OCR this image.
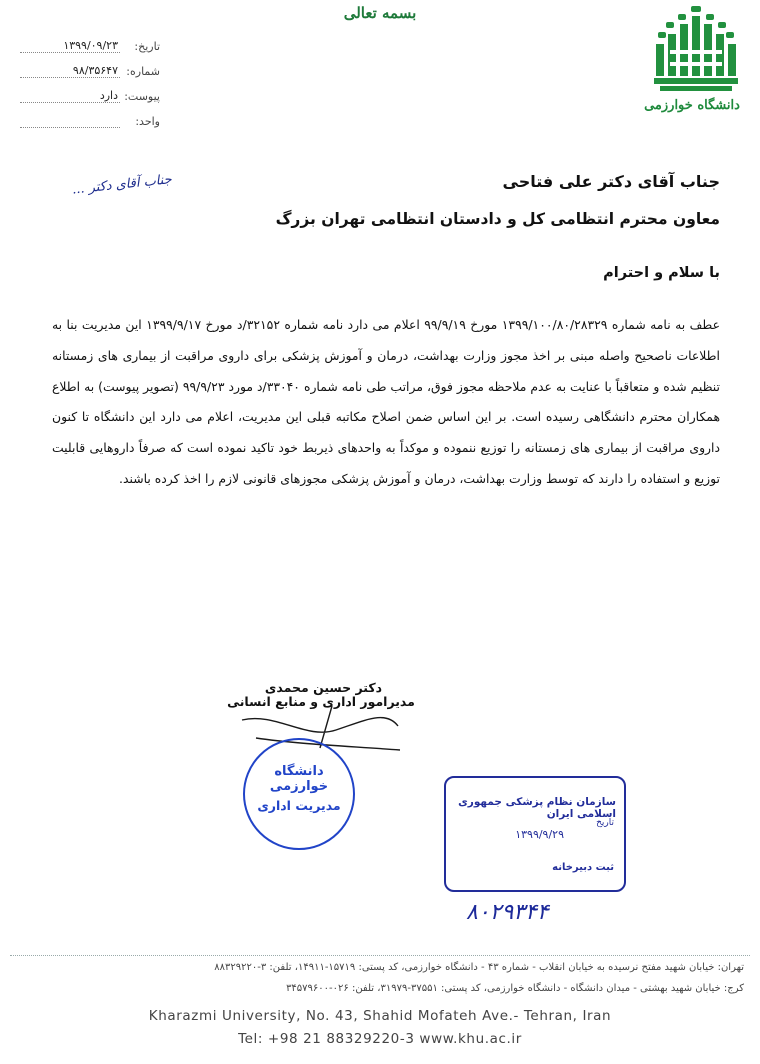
تاریخ:
۱۳۹۹/۰۹/۲۳
شماره:
۹۸/۳۵۶۴۷
پیوست:
دارد
واحد:
بسمه تعالی
دانشگاه خوارزمی
جناب آقای دکتر ...	جناب آقای دکتر علی فتاحی
معاون محترم انتظامی کل و دادستان انتظامی تهران بزرگ
با سلام و احترام
عطف به نامه شماره ۱۳۹۹/۱۰۰/۸۰/۲۸۳۲۹ مورخ ۹۹/۹/۱۹ اعلام می دارد نامه شماره ۳۲۱۵۲/د مورخ ۱۳۹۹/۹/۱۷ این مدیریت بنا به اطلاعات ناصحیح واصله مبنی بر اخذ مجوز وزارت بهداشت، درمان و آموزش پزشکی برای داروی مراقبت از بیماری های زمستانه تنظیم شده و متعاقباً با عنایت به عدم ملاحظه مجوز فوق، مراتب طی نامه شماره ۳۳۰۴۰/د مورد ۹۹/۹/۲۳ (تصویر پیوست) به اطلاع همکاران محترم دانشگاهی رسیده است. بر این اساس ضمن اصلاح مکاتبه قبلی این مدیریت، اعلام می دارد این دانشگاه تا کنون داروی مراقبت از بیماری های زمستانه را توزیع ننموده و موکداً به واحدهای ذیربط خود تاکید نموده است که صرفاً داروهایی قابلیت توزیع و استفاده را دارند که توسط وزارت بهداشت، درمان و آموزش پزشکی مجوزهای قانونی لازم را اخذ کرده باشند.
دکتر حسین محمدی
مدیرامور اداری و منابع انسانی
دانشگاه خوارزمی
مدیریت اداری	سازمان نظام پزشکی جمهوری اسلامی ایران
تاریخ
۱۳۹۹/۹/۲۹
ثبت دبیرخانه
۸۰۲۹۳۴۴
تهران: خیابان شهید مفتح نرسیده به خیابان انقلاب - شماره ۴۳ - دانشگاه خوارزمی، کد پستی: ۱۵۷۱۹-۱۴۹۱۱، تلفن: ۳-۸۸۳۲۹۲۲۰
کرج: خیابان شهید بهشتی - میدان دانشگاه - دانشگاه خوارزمی، کد پستی: ۳۷۵۵۱-۳۱۹۷۹، تلفن: ۰۲۶-۳۴۵۷۹۶۰۰
Kharazmi University, No. 43, Shahid Mofateh Ave.- Tehran, Iran
Tel: +98 21 88329220-3 www.khu.ac.ir
